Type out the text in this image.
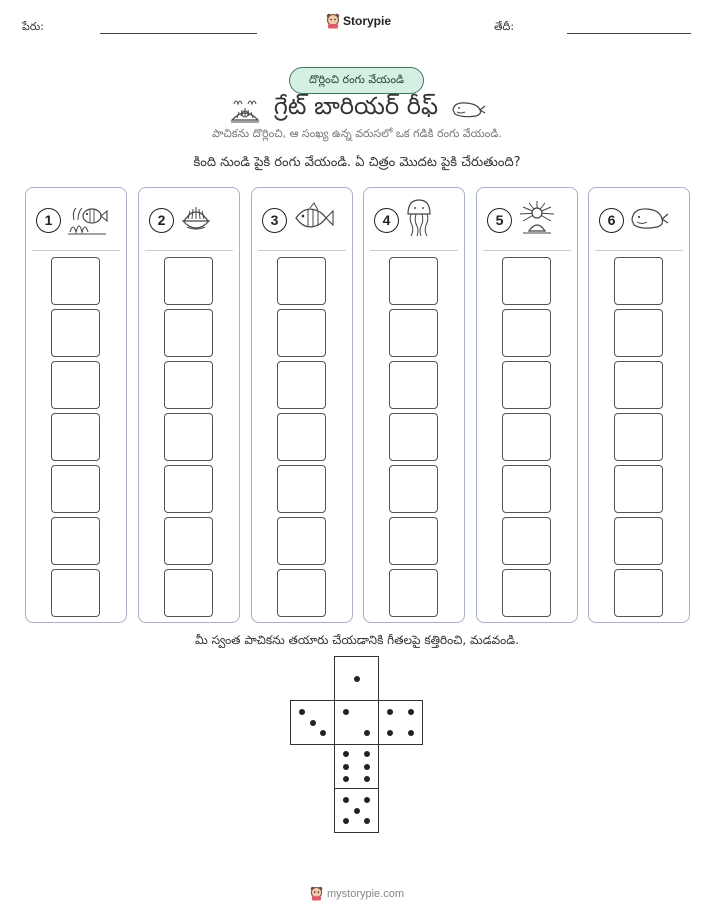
పేరు:	Storypie	తేదీ:
దొర్లించి రంగు వేయండి
గ్రేట్ బారియర్ రీఫ్
పాచికను దొర్లించి, ఆ సంఖ్య ఉన్న వరుసలో ఒక గడికి రంగు వేయండి.
కింది నుండి పైకి రంగు వేయండి. ఏ చిత్రం మొదట పైకి చేరుతుంది?
1	2	3	4	5	6
మీ స్వంత పాచికను తయారు చేయడానికి గీతలపై కత్తిరించి, మడవండి.
mystorypie.com
